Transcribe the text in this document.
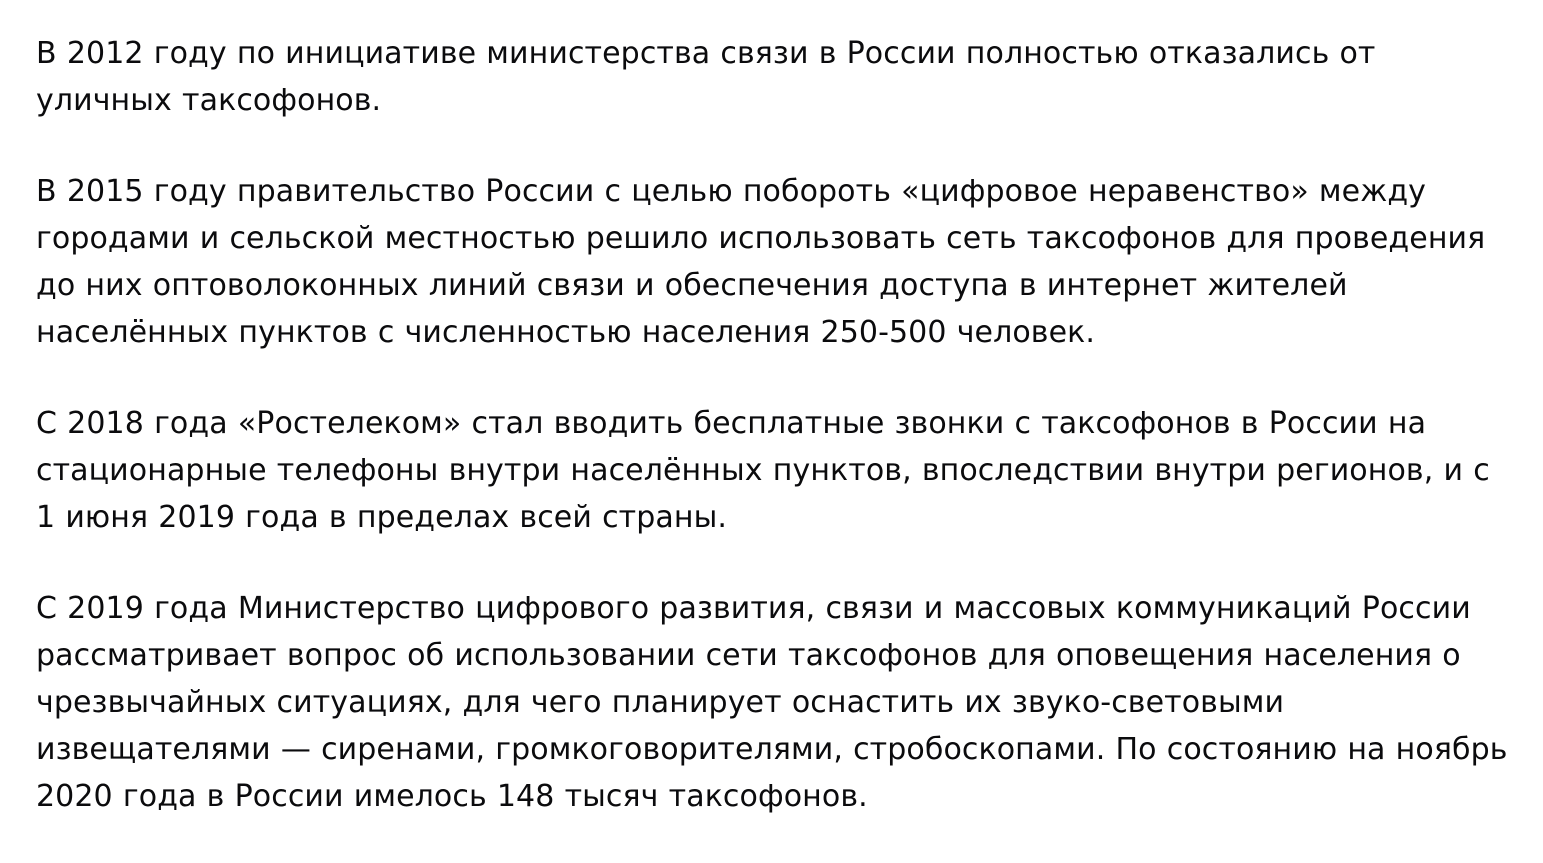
В 2012 году по инициативе министерства связи в России полностью отказались от уличных таксофонов.

В 2015 году правительство России с целью побороть «цифровое неравенство» между городами и сельской местностью решило использовать сеть таксофонов для проведения до них оптоволоконных линий связи и обеспечения доступа в интернет жителей населённых пунктов с численностью населения 250-500 человек.

С 2018 года «Ростелеком» стал вводить бесплатные звонки с таксофонов в России на стационарные телефоны внутри населённых пунктов, впоследствии внутри регионов, и с 1 июня 2019 года в пределах всей страны.

С 2019 года Министерство цифрового развития, связи и массовых коммуникаций России рассматривает вопрос об использовании сети таксофонов для оповещения населения о чрезвычайных ситуациях, для чего планирует оснастить их звуко-световыми извещателями — сиренами, громкоговорителями, стробоскопами. По состоянию на ноябрь 2020 года в России имелось 148 тысяч таксофонов.
